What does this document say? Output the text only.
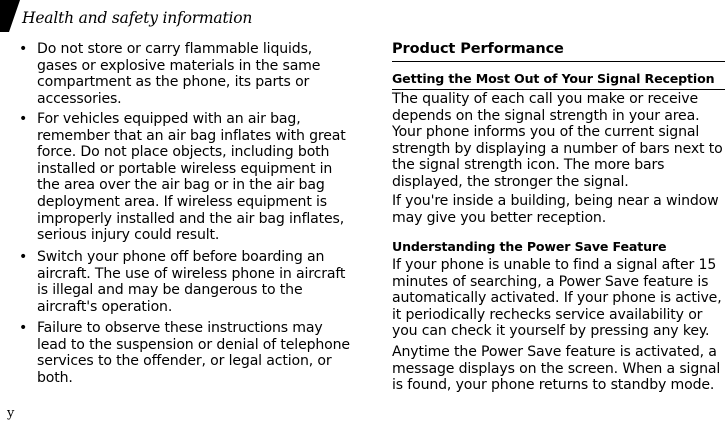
Health and safety information
• Do not store or carry flammable liquids, gases or explosive materials in the same compartment as the phone, its parts or accessories.
• For vehicles equipped with an air bag, remember that an air bag inflates with great force. Do not place objects, including both installed or portable wireless equipment in the area over the air bag or in the air bag deployment area. If wireless equipment is improperly installed and the air bag inflates, serious injury could result.
• Switch your phone off before boarding an aircraft. The use of wireless phone in aircraft is illegal and may be dangerous to the aircraft's operation.
• Failure to observe these instructions may lead to the suspension or denial of telephone services to the offender, or legal action, or both.
Product Performance
Getting the Most Out of Your Signal Reception
The quality of each call you make or receive depends on the signal strength in your area. Your phone informs you of the current signal strength by displaying a number of bars next to the signal strength icon. The more bars displayed, the stronger the signal.
If you're inside a building, being near a window may give you better reception.
Understanding the Power Save Feature
If your phone is unable to find a signal after 15 minutes of searching, a Power Save feature is automatically activated. If your phone is active, it periodically rechecks service availability or you can check it yourself by pressing any key.
Anytime the Power Save feature is activated, a message displays on the screen. When a signal is found, your phone returns to standby mode.
y
